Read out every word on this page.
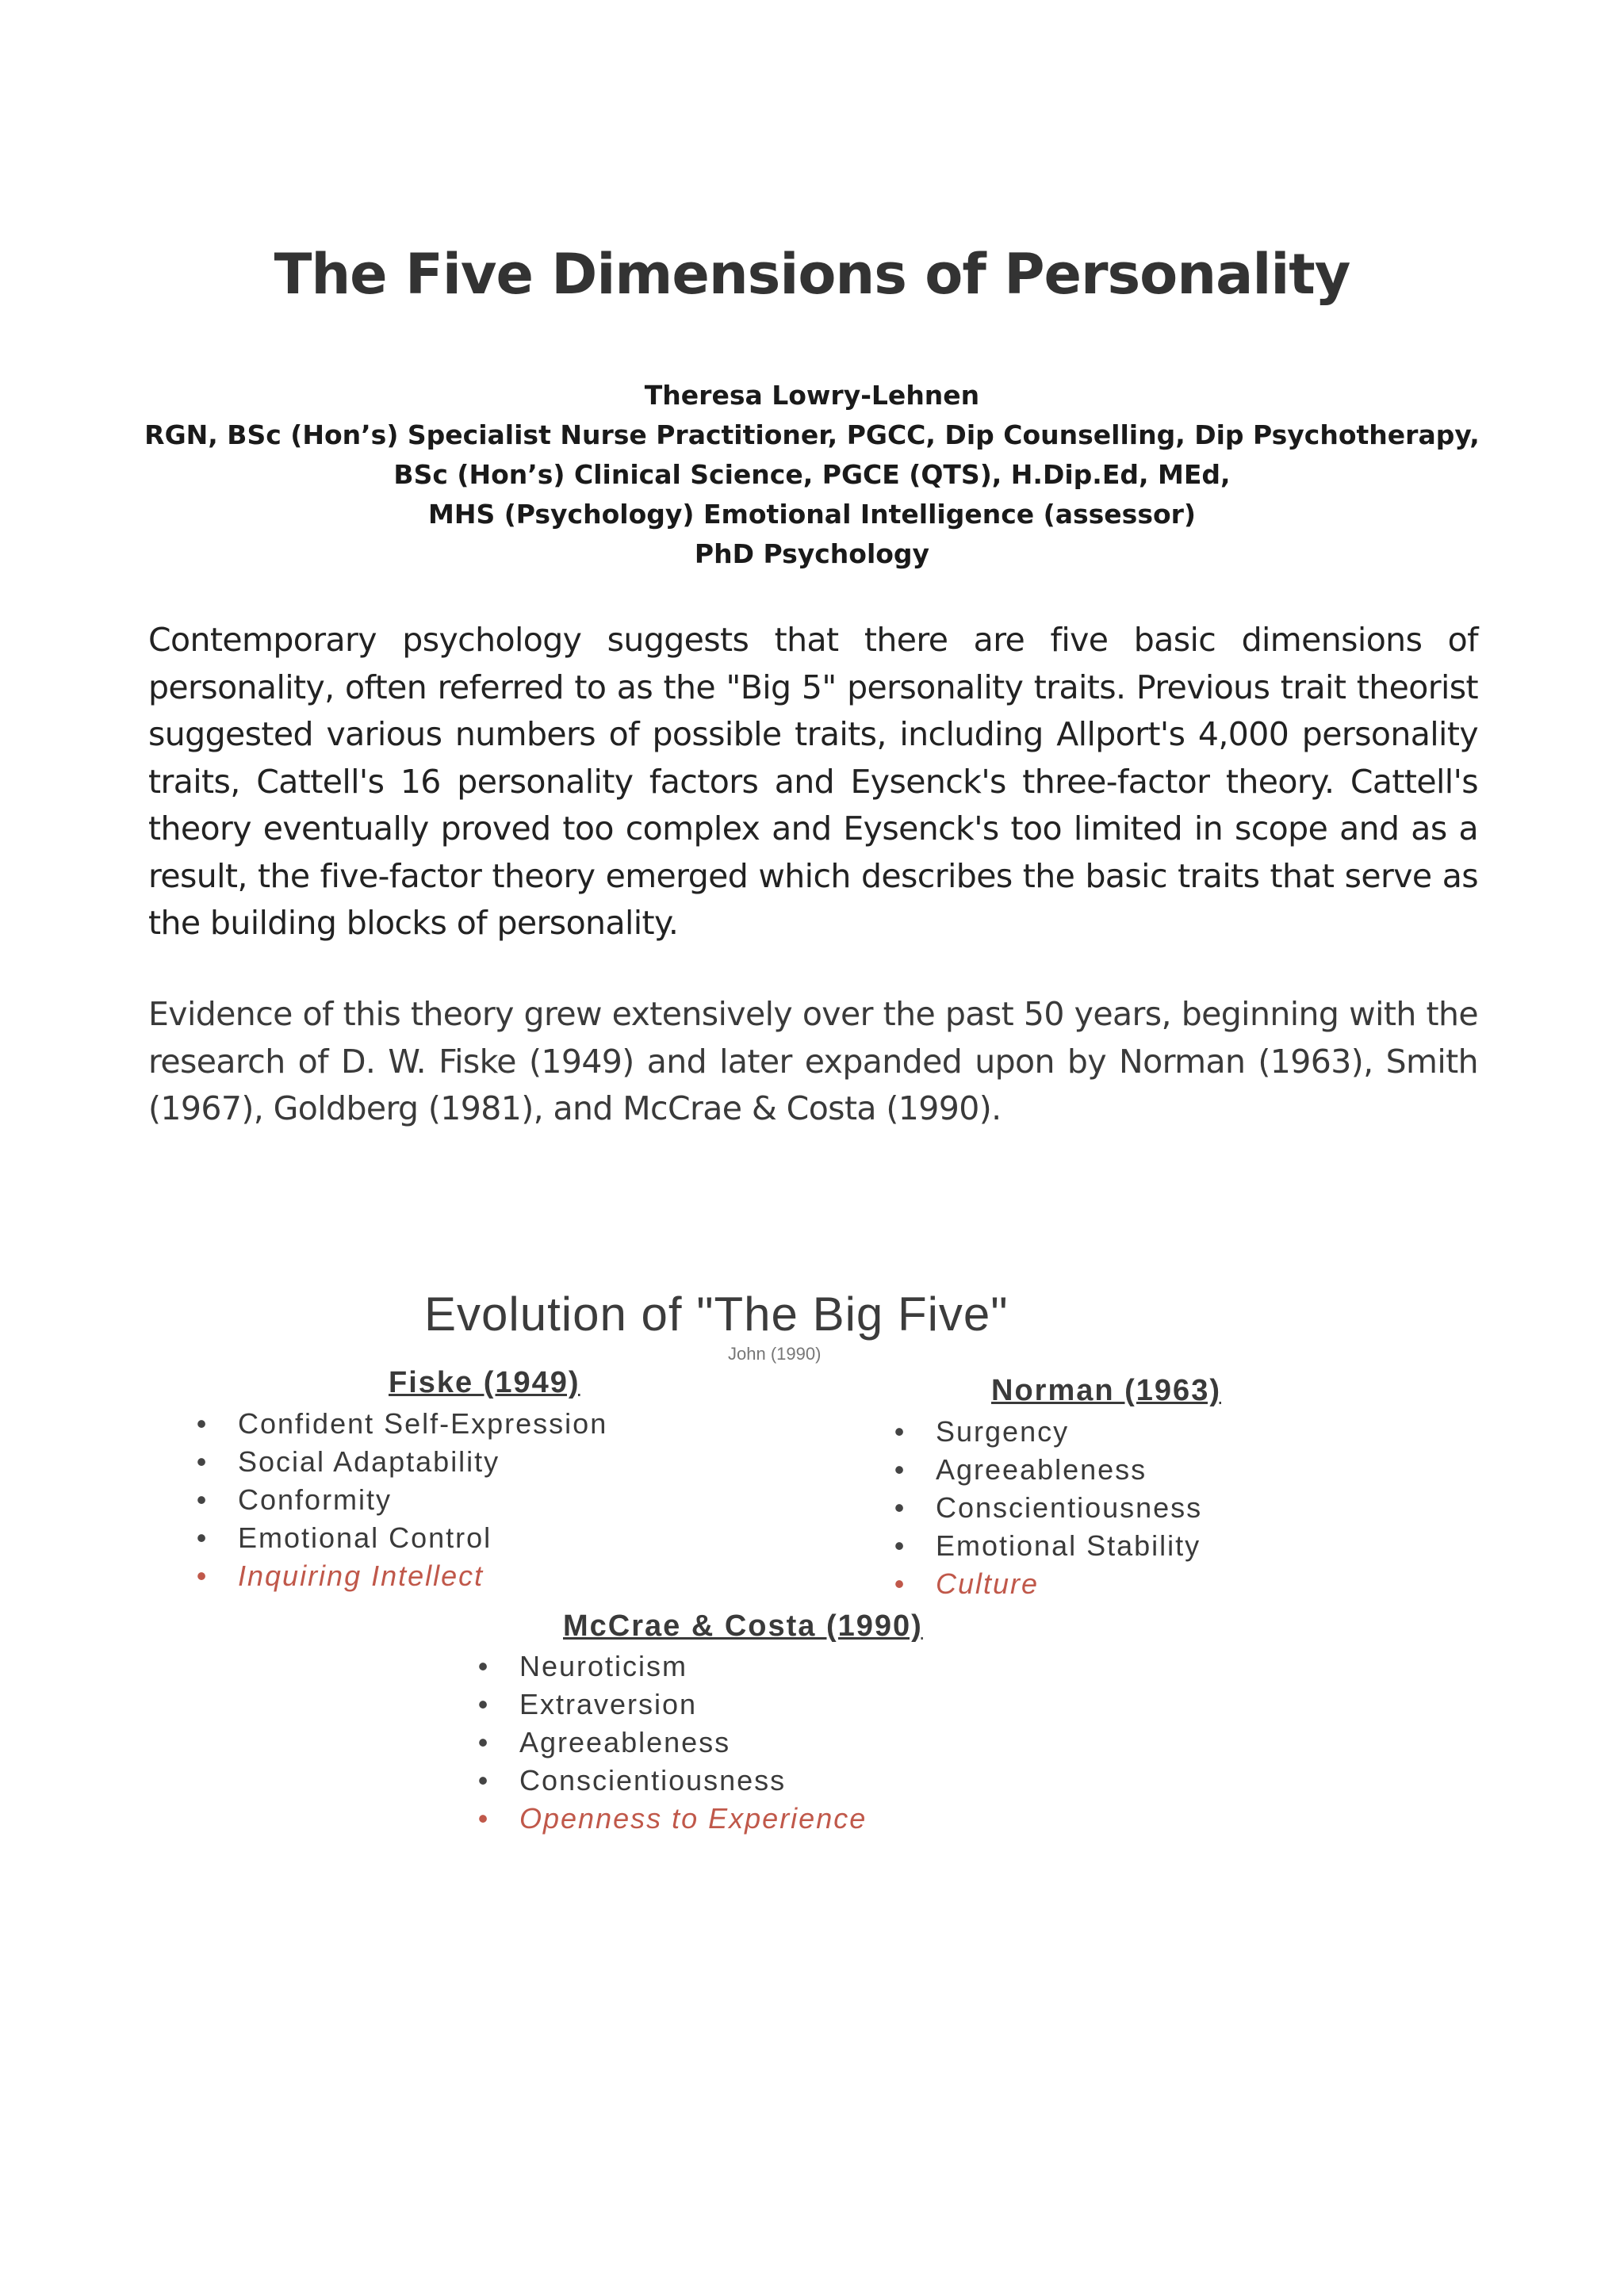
The Five Dimensions of Personality
Theresa Lowry-Lehnen
RGN, BSc (Hon’s) Specialist Nurse Practitioner, PGCC, Dip Counselling, Dip Psychotherapy,
BSc (Hon’s) Clinical Science, PGCE (QTS), H.Dip.Ed, MEd,
MHS (Psychology) Emotional Intelligence (assessor)
PhD Psychology

Contemporary psychology suggests that there are five basic dimensions of personality, often referred to as the "Big 5" personality traits. Previous trait theorist suggested various numbers of possible traits, including Allport's 4,000 personality traits, Cattell's 16 personality factors and Eysenck's three-factor theory. Cattell's theory eventually proved too complex and Eysenck's too limited in scope and as a result, the five-factor theory emerged which describes the basic traits that serve as the building blocks of personality.

Evidence of this theory grew extensively over the past 50 years, beginning with the research of D. W. Fiske (1949) and later expanded upon by Norman (1963), Smith (1967), Goldberg (1981), and McCrae & Costa (1990).

Evolution of "The Big Five"
John (1990)
Fiske (1949)
• Confident Self-Expression
• Social Adaptability
• Conformity
• Emotional Control
• Inquiring Intellect
Norman (1963)
• Surgency
• Agreeableness
• Conscientiousness
• Emotional Stability
• Culture
McCrae & Costa (1990)
• Neuroticism
• Extraversion
• Agreeableness
• Conscientiousness
• Openness to Experience
